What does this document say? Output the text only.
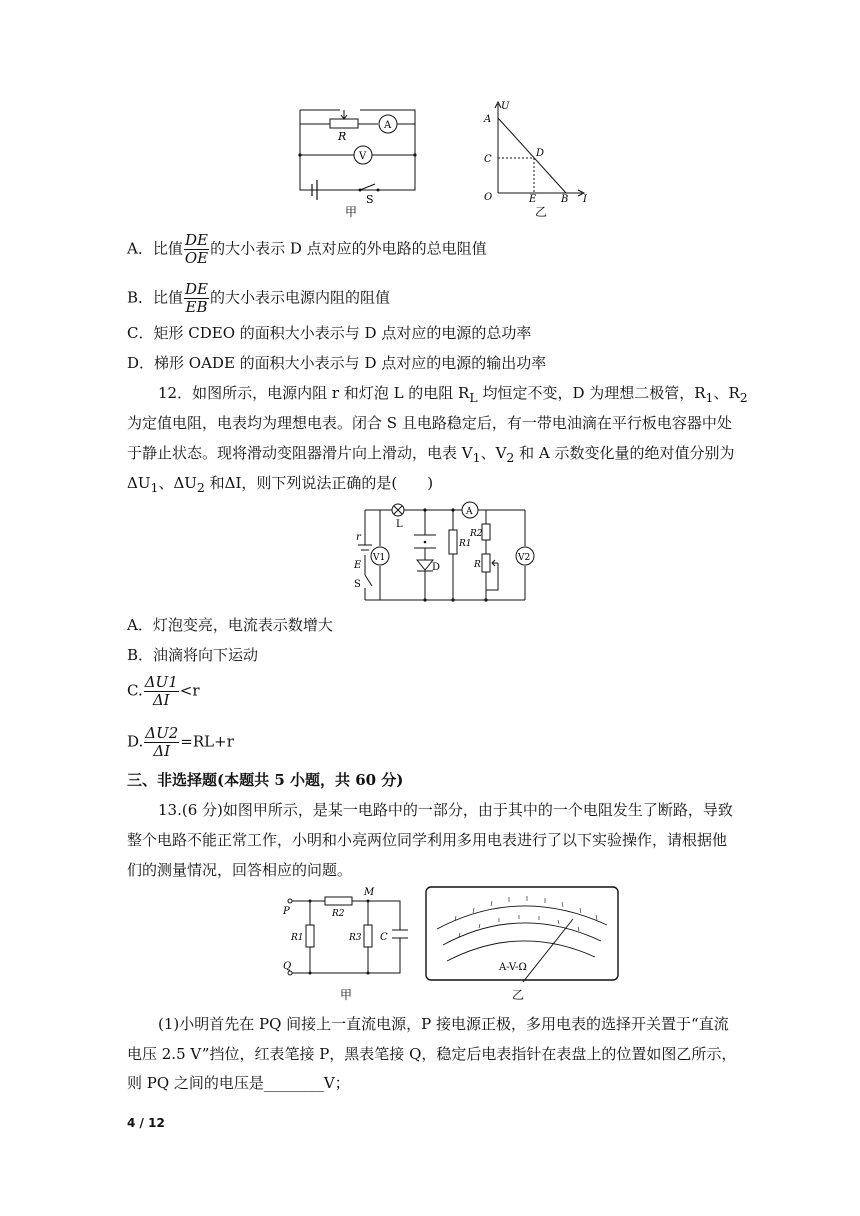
R
A
V
S
甲
U
A
C
D
O	E B I
乙
A．比值 $\frac{DE}{OE}$ 的大小表示 D 点对应的外电路的总电阻值
B．比值 $\frac{DE}{EB}$ 的大小表示电源内阻的阻值
C．矩形 CDEO 的面积大小表示与 D 点对应的电源的总功率
D．梯形 OADE 的面积大小表示与 D 点对应的电源的输出功率
12．如图所示，电源内阻 r 和灯泡 L 的电阻 $R_L$ 均恒定不变，D 为理想二极管，$R_1$、$R_2$
为定值电阻，电表均为理想电表。闭合 S 且电路稳定后，有一带电油滴在平行板电容器中处
于静止状态。现将滑动变阻器滑片向上滑动，电表 $V_1$、$V_2$ 和 A 示数变化量的绝对值分别为
$\Delta U_1$、$\Delta U_2$ 和ΔI，则下列说法正确的是(　　)
r
E
S
V1
L
D
R1
A
R2
R
V2
A．灯泡变亮，电流表示数增大
B．油滴将向下运动
C. $\frac{\Delta U1}{\Delta I} <r$
D. $\frac{\Delta U2}{\Delta I} =RL+r$
三、非选择题(本题共 5 小题，共 60 分)
13.(6 分)如图甲所示，是某一电路中的一部分，由于其中的一个电阻发生了断路，导致
整个电路不能正常工作，小明和小亮两位同学利用多用电表进行了以下实验操作，请根据他
们的测量情况，回答相应的问题。
P
Q
M
R2
R1	R3 C
甲
A-V-Ω
乙
(1)小明首先在 PQ 间接上一直流电源，P 接电源正极，多用电表的选择开关置于“直流
电压 2.5 V”挡位，红表笔接 P，黑表笔接 Q，稳定后电表指针在表盘上的位置如图乙所示，
则 PQ 之间的电压是________V；
4 / 12
